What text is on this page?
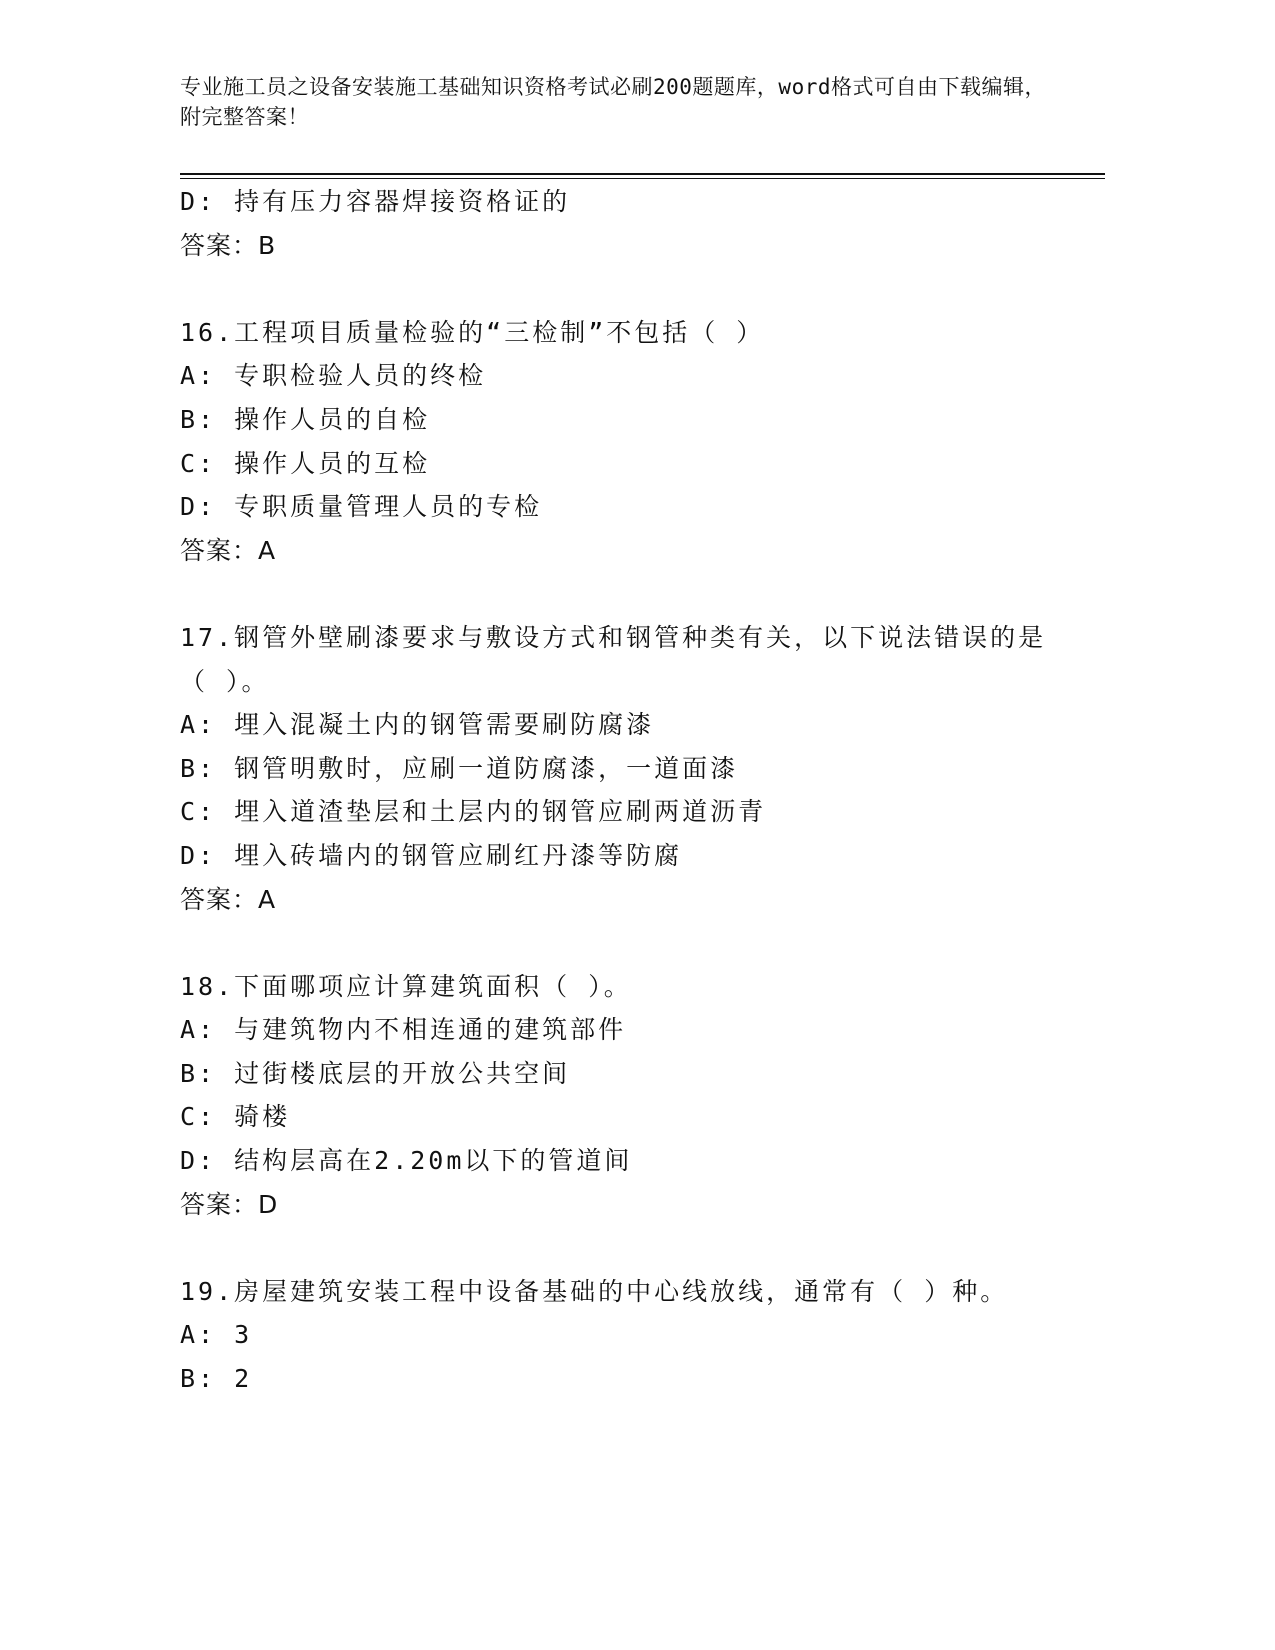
专业施工员之设备安装施工基础知识资格考试必刷200题题库，word格式可自由下载编辑，附完整答案！
D: 持有压力容器焊接资格证的
答案：B
16.工程项目质量检验的“三检制”不包括（ ）
A: 专职检验人员的终检
B: 操作人员的自检
C: 操作人员的互检
D: 专职质量管理人员的专检
答案：A
17.钢管外壁刷漆要求与敷设方式和钢管种类有关，以下说法错误的是
（ ）。
A: 埋入混凝土内的钢管需要刷防腐漆
B: 钢管明敷时，应刷一道防腐漆，一道面漆
C: 埋入道渣垫层和土层内的钢管应刷两道沥青
D: 埋入砖墙内的钢管应刷红丹漆等防腐
答案：A
18.下面哪项应计算建筑面积（ ）。
A: 与建筑物内不相连通的建筑部件
B: 过街楼底层的开放公共空间
C: 骑楼
D: 结构层高在2.20m以下的管道间
答案：D
19.房屋建筑安装工程中设备基础的中心线放线，通常有（ ）种。
A: 3
B: 2
